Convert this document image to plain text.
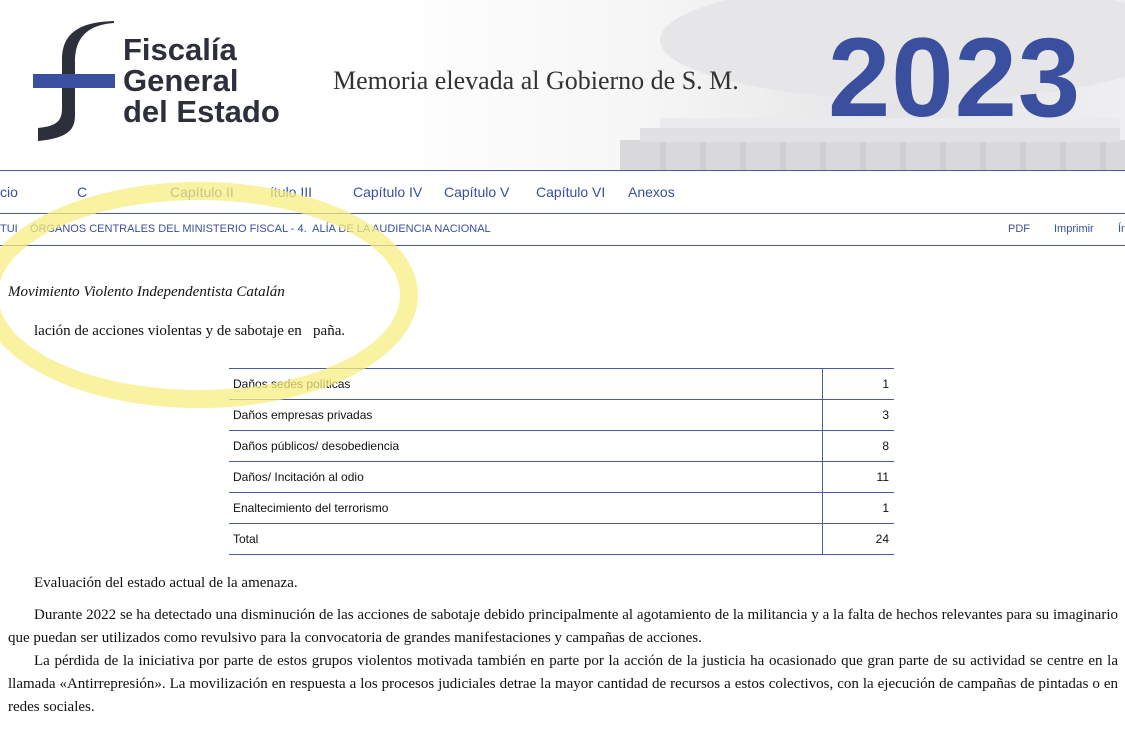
Fiscalía
General
del Estado
Memoria elevada al Gobierno de S. M. 2023
cio	C	Capítulo II	ítulo III	Capítulo IV Capítulo V Capítulo VI Anexos
TUI    ÓRGANOS CENTRALES DEL MINISTERIO FISCAL - 4.  ALÍA DE LA AUDIENCIA NACIONAL	PDF Imprimir Ír
Movimiento Violento Independentista Catalán
lación de acciones violentas y de sabotaje en   paña.
Daños sedes políticas	1
Daños empresas privadas	3
Daños públicos/ desobediencia	8
Daños/ Incitación al odio	11
Enaltecimiento del terrorismo	1
Total	24
Evaluación del estado actual de la amenaza.
Durante 2022 se ha detectado una disminución de las acciones de sabotaje debido principalmente al agotamiento de la militancia y a la falta de hechos relevantes para su imaginario que puedan ser utilizados como revulsivo para la convocatoria de grandes manifestaciones y campañas de acciones.
La pérdida de la iniciativa por parte de estos grupos violentos motivada también en parte por la acción de la justicia ha ocasionado que gran parte de su actividad se centre en la llamada «Antirrepresión». La movilización en respuesta a los procesos judiciales detrae la mayor cantidad de recursos a estos colectivos, con la ejecución de campañas de pintadas o en redes sociales.
